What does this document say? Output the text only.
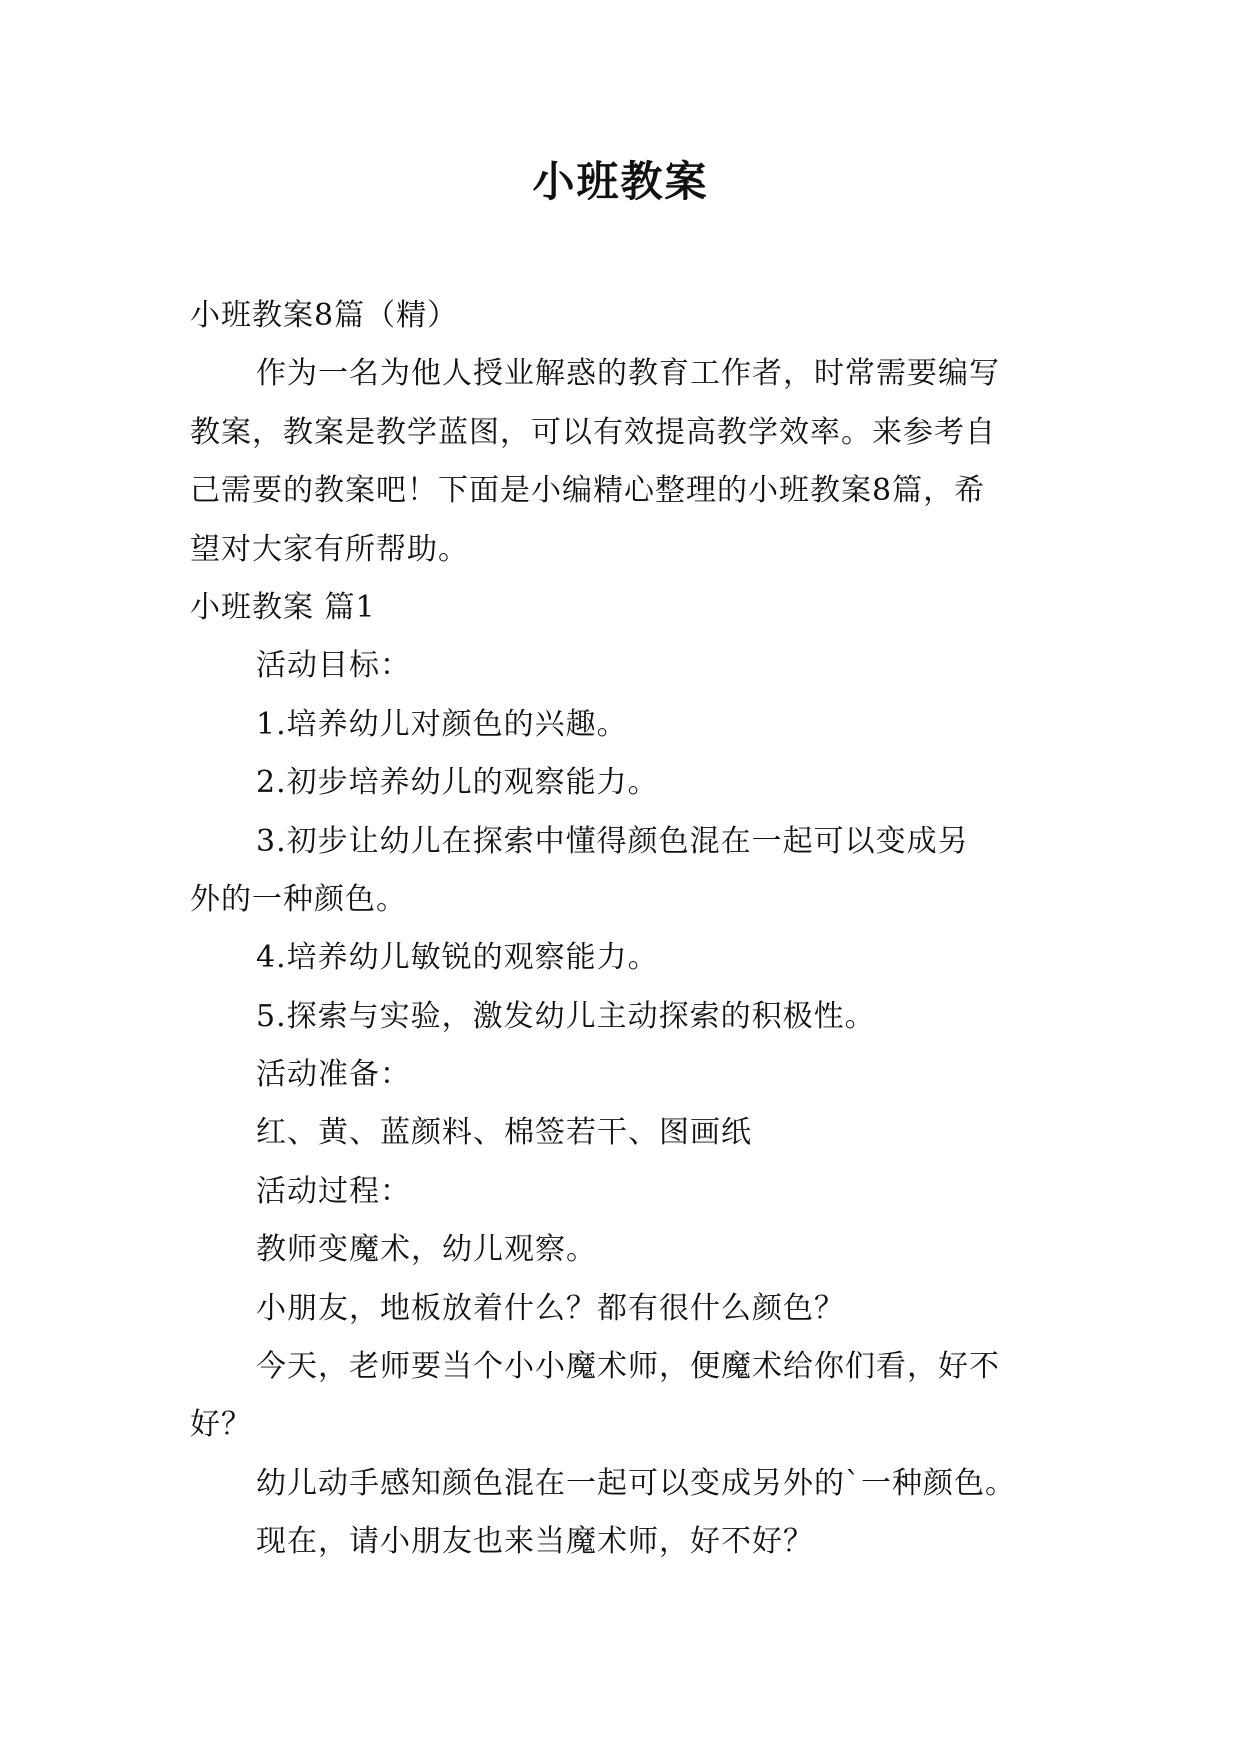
小班教案
小班教案8篇（精）
作为一名为他人授业解惑的教育工作者，时常需要编写
教案，教案是教学蓝图，可以有效提高教学效率。来参考自
己需要的教案吧！下面是小编精心整理的小班教案8篇，希
望对大家有所帮助。
小班教案 篇1
活动目标：
1.培养幼儿对颜色的兴趣。
2.初步培养幼儿的观察能力。
3.初步让幼儿在探索中懂得颜色混在一起可以变成另
外的一种颜色。
4.培养幼儿敏锐的观察能力。
5.探索与实验，激发幼儿主动探索的积极性。
活动准备：
红、黄、蓝颜料、棉签若干、图画纸
活动过程：
教师变魔术，幼儿观察。
小朋友，地板放着什么？都有很什么颜色？
今天，老师要当个小小魔术师，便魔术给你们看，好不
好？
幼儿动手感知颜色混在一起可以变成另外的`一种颜色。
现在，请小朋友也来当魔术师，好不好？
